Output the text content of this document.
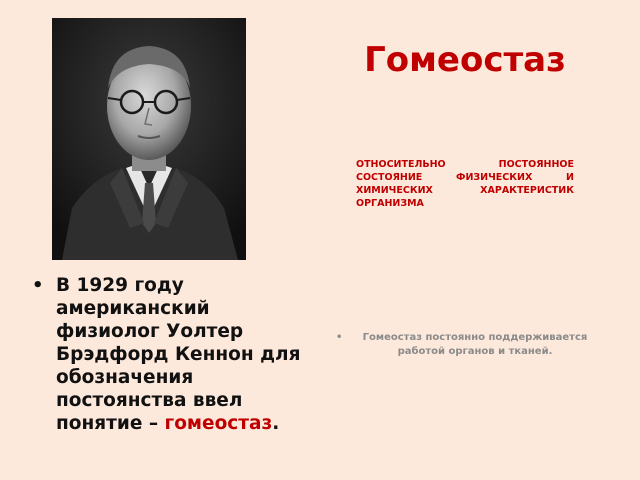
Гомеостаз
ОТНОСИТЕЛЬНО ПОСТОЯННОЕ СОСТОЯНИЕ ФИЗИЧЕСКИХ И ХИМИЧЕСКИХ ХАРАКТЕРИСТИК ОРГАНИЗМА
• В 1929 году американский физиолог Уолтер Брэдфорд Кеннон для обозначения постоянства ввел понятие – гомеостаз.
• Гомеостаз постоянно поддерживается работой органов и тканей.
